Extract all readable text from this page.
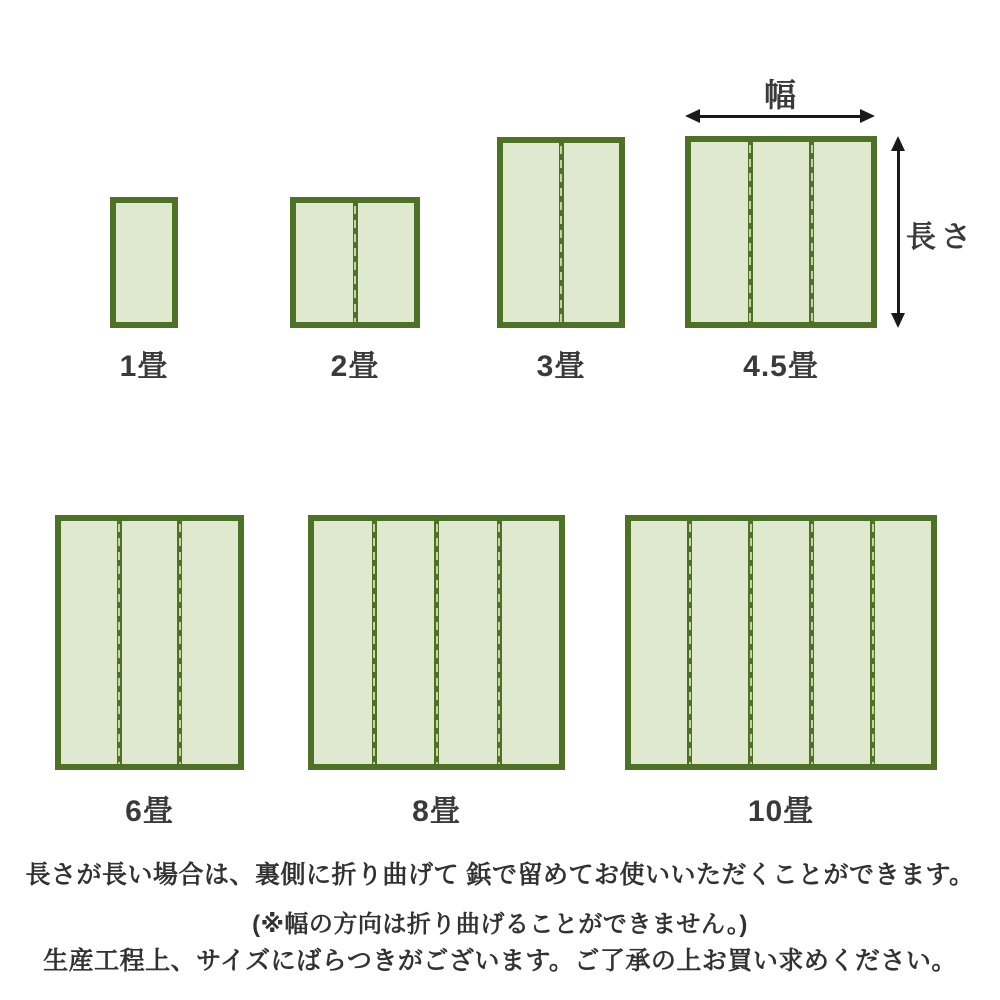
幅
長さ
1畳	2畳	3畳	4.5畳
6畳	8畳	10畳
長さが長い場合は、裏側に折り曲げて 鋲で留めてお使いいただくことができます。
(※幅の方向は折り曲げることができません。)
生産工程上、サイズにばらつきがございます。ご了承の上お買い求めください。
